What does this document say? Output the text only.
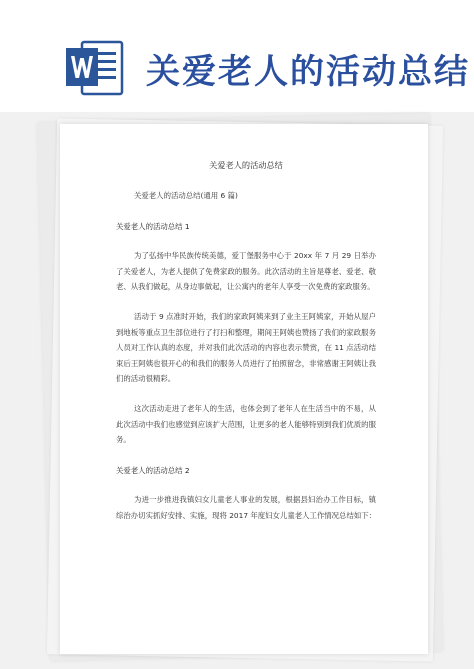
关爱老人的活动总结
关爱老人的活动总结
关爱老人的活动总结(通用 6 篇)
关爱老人的活动总结 1
为了弘扬中华民族传统美德，爱丁堡服务中心于 20xx 年 7 月 29 日举办了关爱老人，为老人提供了免费家政的服务。此次活动的主旨是尊老、爱老、敬老、从我们做起，从身边事做起，让公寓内的老年人享受一次免费的家政服务。
活动于 9 点准时开始，我们的家政阿姨来到了业主王阿姨家，开始从屋户到地板等重点卫生部位进行了打扫和整理，期间王阿姨也赞扬了我们的家政服务人员对工作认真的态度，并对我们此次活动的内容也表示赞赏，在 11 点活动结束后王阿姨也很开心的和我们的服务人员进行了拍照留念，非常感谢王阿姨让我们的活动很精彩。
这次活动走进了老年人的生活，也体会到了老年人在生活当中的不易，从此次活动中我们也感觉到应该扩大范围，让更多的老人能够特别到我们优质的服务。
关爱老人的活动总结 2
为进一步推进我镇妇女儿童老人事业的发展，根据县妇治办工作目标，镇综治办切实抓好安排、实施，现将 2017 年度妇女儿童老人工作情况总结如下：
